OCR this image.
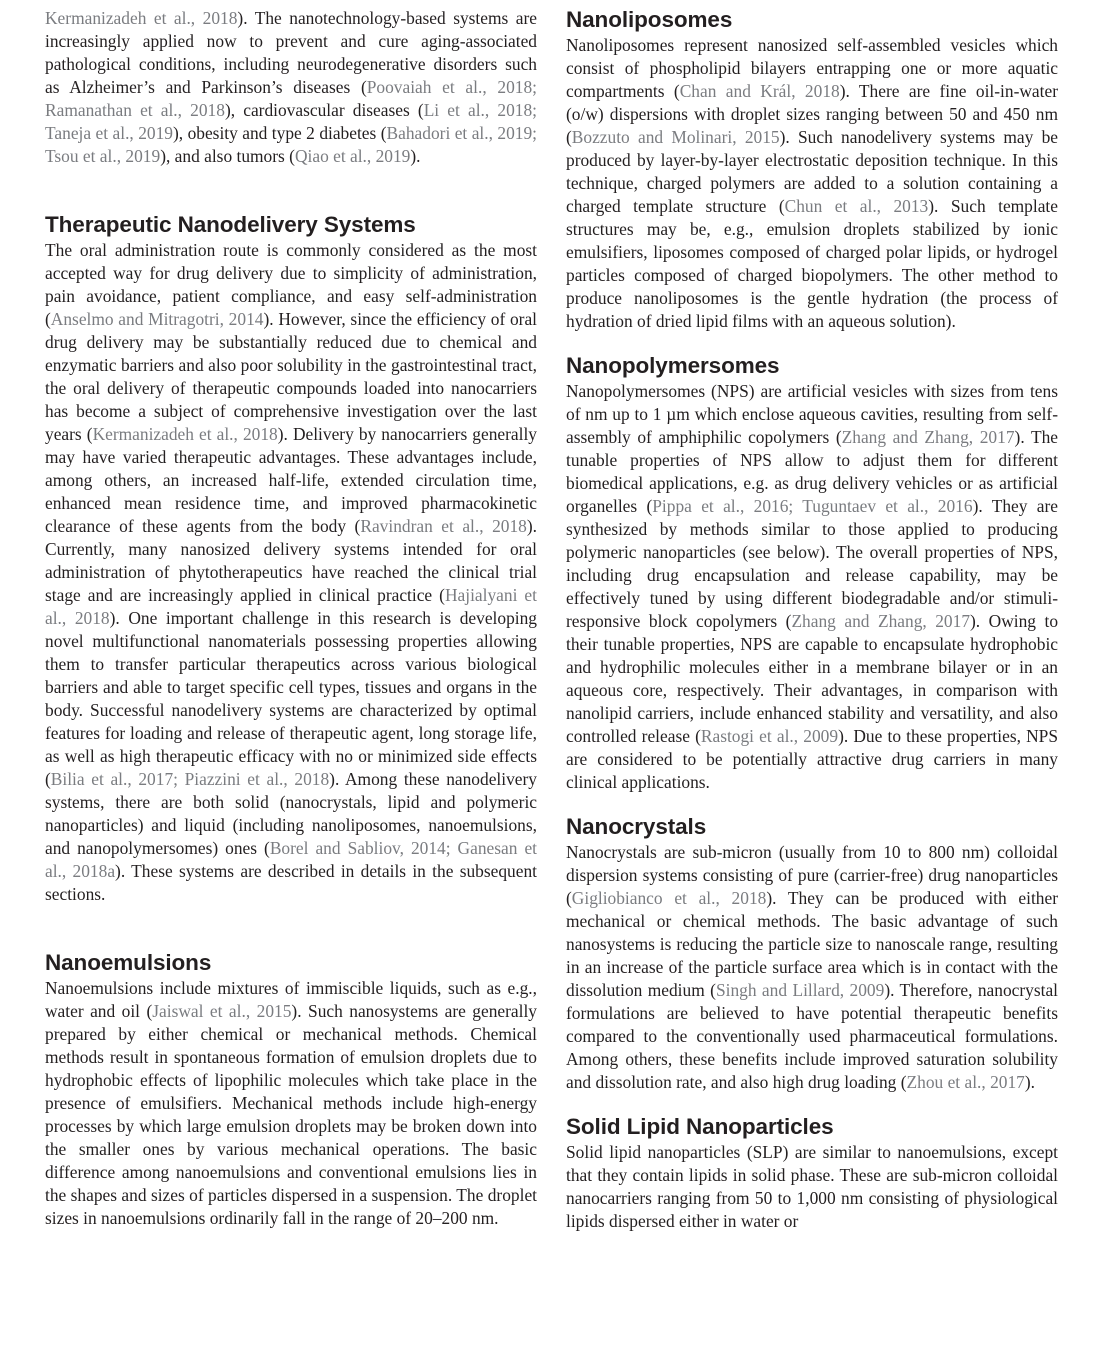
Kermanizadeh et al., 2018). The nanotechnology-based systems are increasingly applied now to prevent and cure aging-associated pathological conditions, including neurodegenerative disorders such as Alzheimer’s and Parkinson’s diseases (Poovaiah et al., 2018; Ramanathan et al., 2018), cardiovascular diseases (Li et al., 2018; Taneja et al., 2019), obesity and type 2 diabetes (Bahadori et al., 2019; Tsou et al., 2019), and also tumors (Qiao et al., 2019).

Therapeutic Nanodelivery Systems

The oral administration route is commonly considered as the most accepted way for drug delivery due to simplicity of administration, pain avoidance, patient compliance, and easy self-administration (Anselmo and Mitragotri, 2014). However, since the efficiency of oral drug delivery may be substantially reduced due to chemical and enzymatic barriers and also poor solubility in the gastrointestinal tract, the oral delivery of therapeutic compounds loaded into nanocarriers has become a subject of comprehensive investigation over the last years (Kermanizadeh et al., 2018). Delivery by nanocarriers generally may have varied therapeutic advantages. These advantages include, among others, an increased half-life, extended circulation time, enhanced mean residence time, and improved pharmacokinetic clearance of these agents from the body (Ravindran et al., 2018). Currently, many nanosized delivery systems intended for oral administration of phytotherapeutics have reached the clinical trial stage and are increasingly applied in clinical practice (Hajialyani et al., 2018). One important challenge in this research is developing novel multifunctional nanomaterials possessing properties allowing them to transfer particular therapeutics across various biological barriers and able to target specific cell types, tissues and organs in the body. Successful nanodelivery systems are characterized by optimal features for loading and release of therapeutic agent, long storage life, as well as high therapeutic efficacy with no or minimized side effects (Bilia et al., 2017; Piazzini et al., 2018). Among these nanodelivery systems, there are both solid (nanocrystals, lipid and polymeric nanoparticles) and liquid (including nanoliposomes, nanoemulsions, and nanopolymersomes) ones (Borel and Sabliov, 2014; Ganesan et al., 2018a). These systems are described in details in the subsequent sections.

Nanoemulsions

Nanoemulsions include mixtures of immiscible liquids, such as e.g., water and oil (Jaiswal et al., 2015). Such nanosystems are generally prepared by either chemical or mechanical methods. Chemical methods result in spontaneous formation of emulsion droplets due to hydrophobic effects of lipophilic molecules which take place in the presence of emulsifiers. Mechanical methods include high-energy processes by which large emulsion droplets may be broken down into the smaller ones by various mechanical operations. The basic difference among nanoemulsions and conventional emulsions lies in the shapes and sizes of particles dispersed in a suspension. The droplet sizes in nanoemulsions ordinarily fall in the range of 20–200 nm.

Nanoliposomes

Nanoliposomes represent nanosized self-assembled vesicles which consist of phospholipid bilayers entrapping one or more aquatic compartments (Chan and Král, 2018). There are fine oil-in-water (o/w) dispersions with droplet sizes ranging between 50 and 450 nm (Bozzuto and Molinari, 2015). Such nanodelivery systems may be produced by layer-by-layer electrostatic deposition technique. In this technique, charged polymers are added to a solution containing a charged template structure (Chun et al., 2013). Such template structures may be, e.g., emulsion droplets stabilized by ionic emulsifiers, liposomes composed of charged polar lipids, or hydrogel particles composed of charged biopolymers. The other method to produce nanoliposomes is the gentle hydration (the process of hydration of dried lipid films with an aqueous solution).

Nanopolymersomes

Nanopolymersomes (NPS) are artificial vesicles with sizes from tens of nm up to 1 µm which enclose aqueous cavities, resulting from self-assembly of amphiphilic copolymers (Zhang and Zhang, 2017). The tunable properties of NPS allow to adjust them for different biomedical applications, e.g. as drug delivery vehicles or as artificial organelles (Pippa et al., 2016; Tuguntaev et al., 2016). They are synthesized by methods similar to those applied to producing polymeric nanoparticles (see below). The overall properties of NPS, including drug encapsulation and release capability, may be effectively tuned by using different biodegradable and/or stimuli-responsive block copolymers (Zhang and Zhang, 2017). Owing to their tunable properties, NPS are capable to encapsulate hydrophobic and hydrophilic molecules either in a membrane bilayer or in an aqueous core, respectively. Their advantages, in comparison with nanolipid carriers, include enhanced stability and versatility, and also controlled release (Rastogi et al., 2009). Due to these properties, NPS are considered to be potentially attractive drug carriers in many clinical applications.

Nanocrystals

Nanocrystals are sub-micron (usually from 10 to 800 nm) colloidal dispersion systems consisting of pure (carrier-free) drug nanoparticles (Gigliobianco et al., 2018). They can be produced with either mechanical or chemical methods. The basic advantage of such nanosystems is reducing the particle size to nanoscale range, resulting in an increase of the particle surface area which is in contact with the dissolution medium (Singh and Lillard, 2009). Therefore, nanocrystal formulations are believed to have potential therapeutic benefits compared to the conventionally used pharmaceutical formulations. Among others, these benefits include improved saturation solubility and dissolution rate, and also high drug loading (Zhou et al., 2017).

Solid Lipid Nanoparticles

Solid lipid nanoparticles (SLP) are similar to nanoemulsions, except that they contain lipids in solid phase. These are sub-micron colloidal nanocarriers ranging from 50 to 1,000 nm consisting of physiological lipids dispersed either in water or
